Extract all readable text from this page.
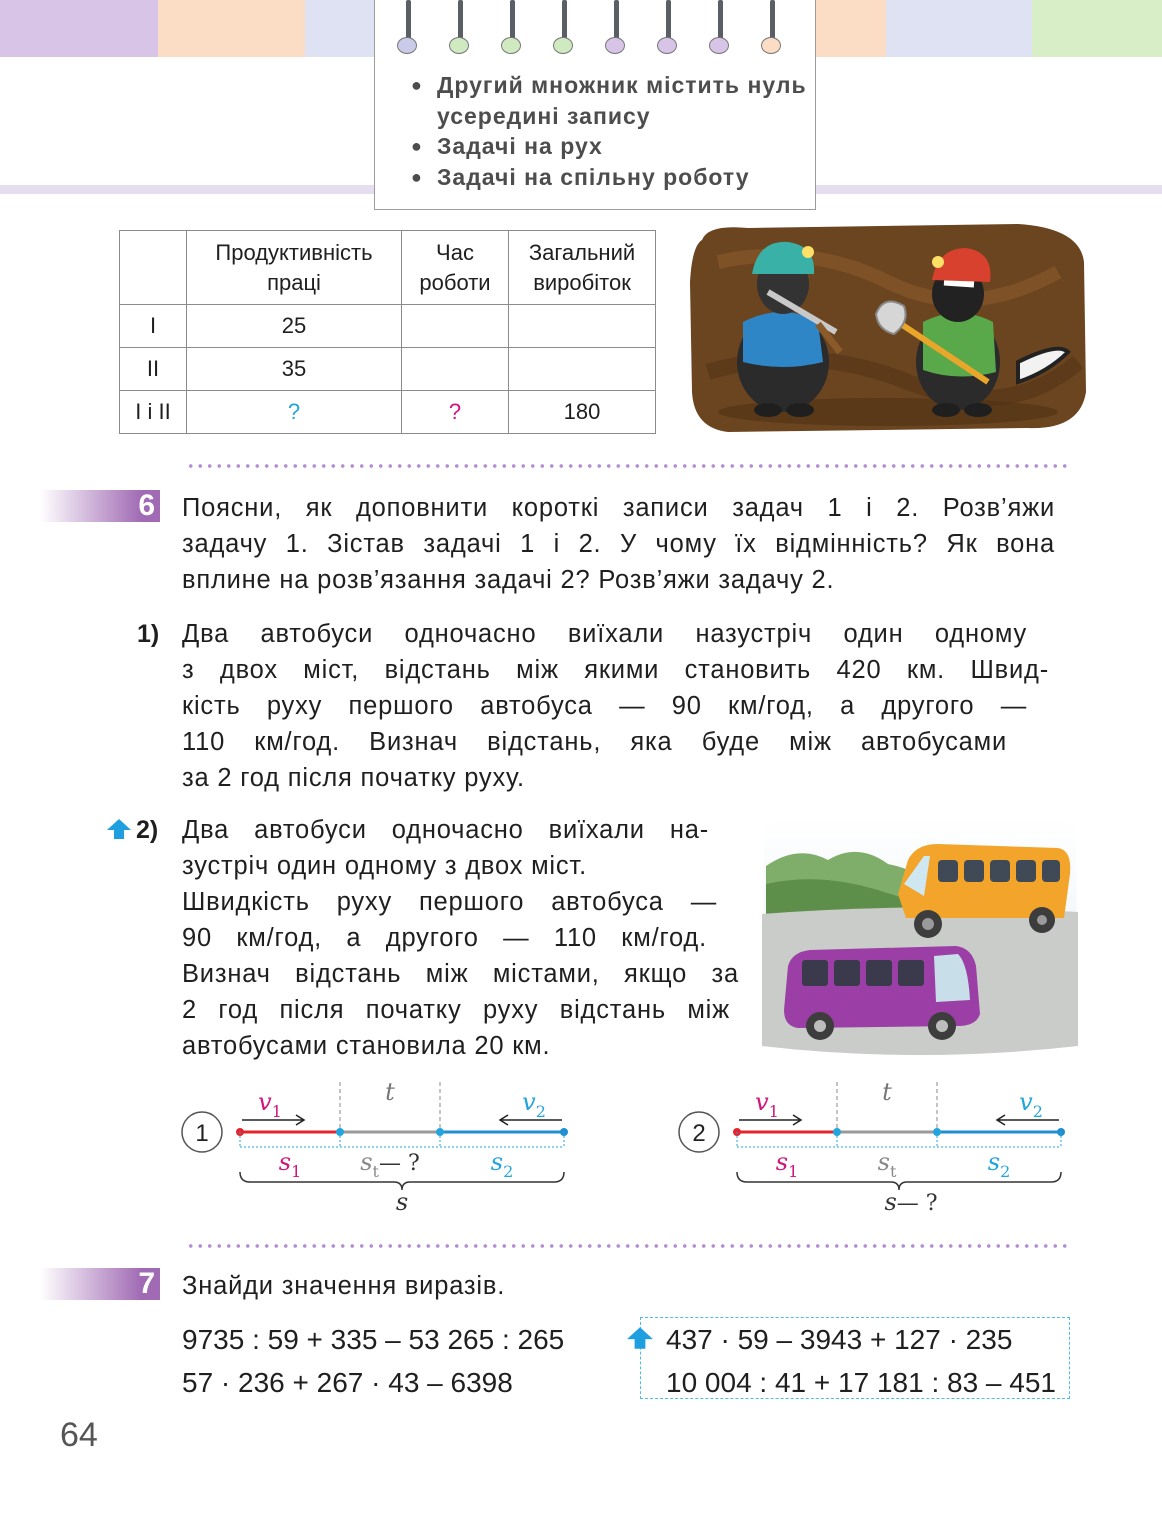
● Другий множник містить нуль усередині запису
● Задачі на рух
● Задачі на спільну роботу
	Продуктивність праці	Час роботи	Загальний виробіток
I	25		
II	35		
I і II	?	?	180
6 Поясни, як доповнити короткі записи задач 1 і 2. Розв’яжи
задачу 1. Зістав задачі 1 і 2. У чому їх відмінність? Як вона
вплине на розв’язання задачі 2? Розв’яжи задачу 2.
1) Два автобуси одночасно виїхали назустріч один одному
з двох міст, відстань між якими становить 420 км. Швид-
кість руху першого автобуса — 90 км/год, а другого —
110 км/год. Визнач відстань, яка буде між автобусами
за 2 год після початку руху.
2) Два автобуси одночасно виїхали на-
зустріч один одному з двох міст.
Швидкість руху першого автобуса —
90 км/год, а другого — 110 км/год.
Визнач відстань між містами, якщо за
2 год після початку руху відстань між
автобусами становила 20 км.
1
$v_1$	$v_2$
t
$s_1$ $s_t—$ ?	$s_2$
s
2
$v_1$	$v_2$
t
$s_1$	$s_t$	$s_2$
s— ?
7 Знайди значення виразів.
9735 : 59 + 335 – 53 265 : 265
57 · 236 + 267 · 43 – 6398
437 · 59 – 3943 + 127 · 235
10 004 : 41 + 17 181 : 83 – 451
64
